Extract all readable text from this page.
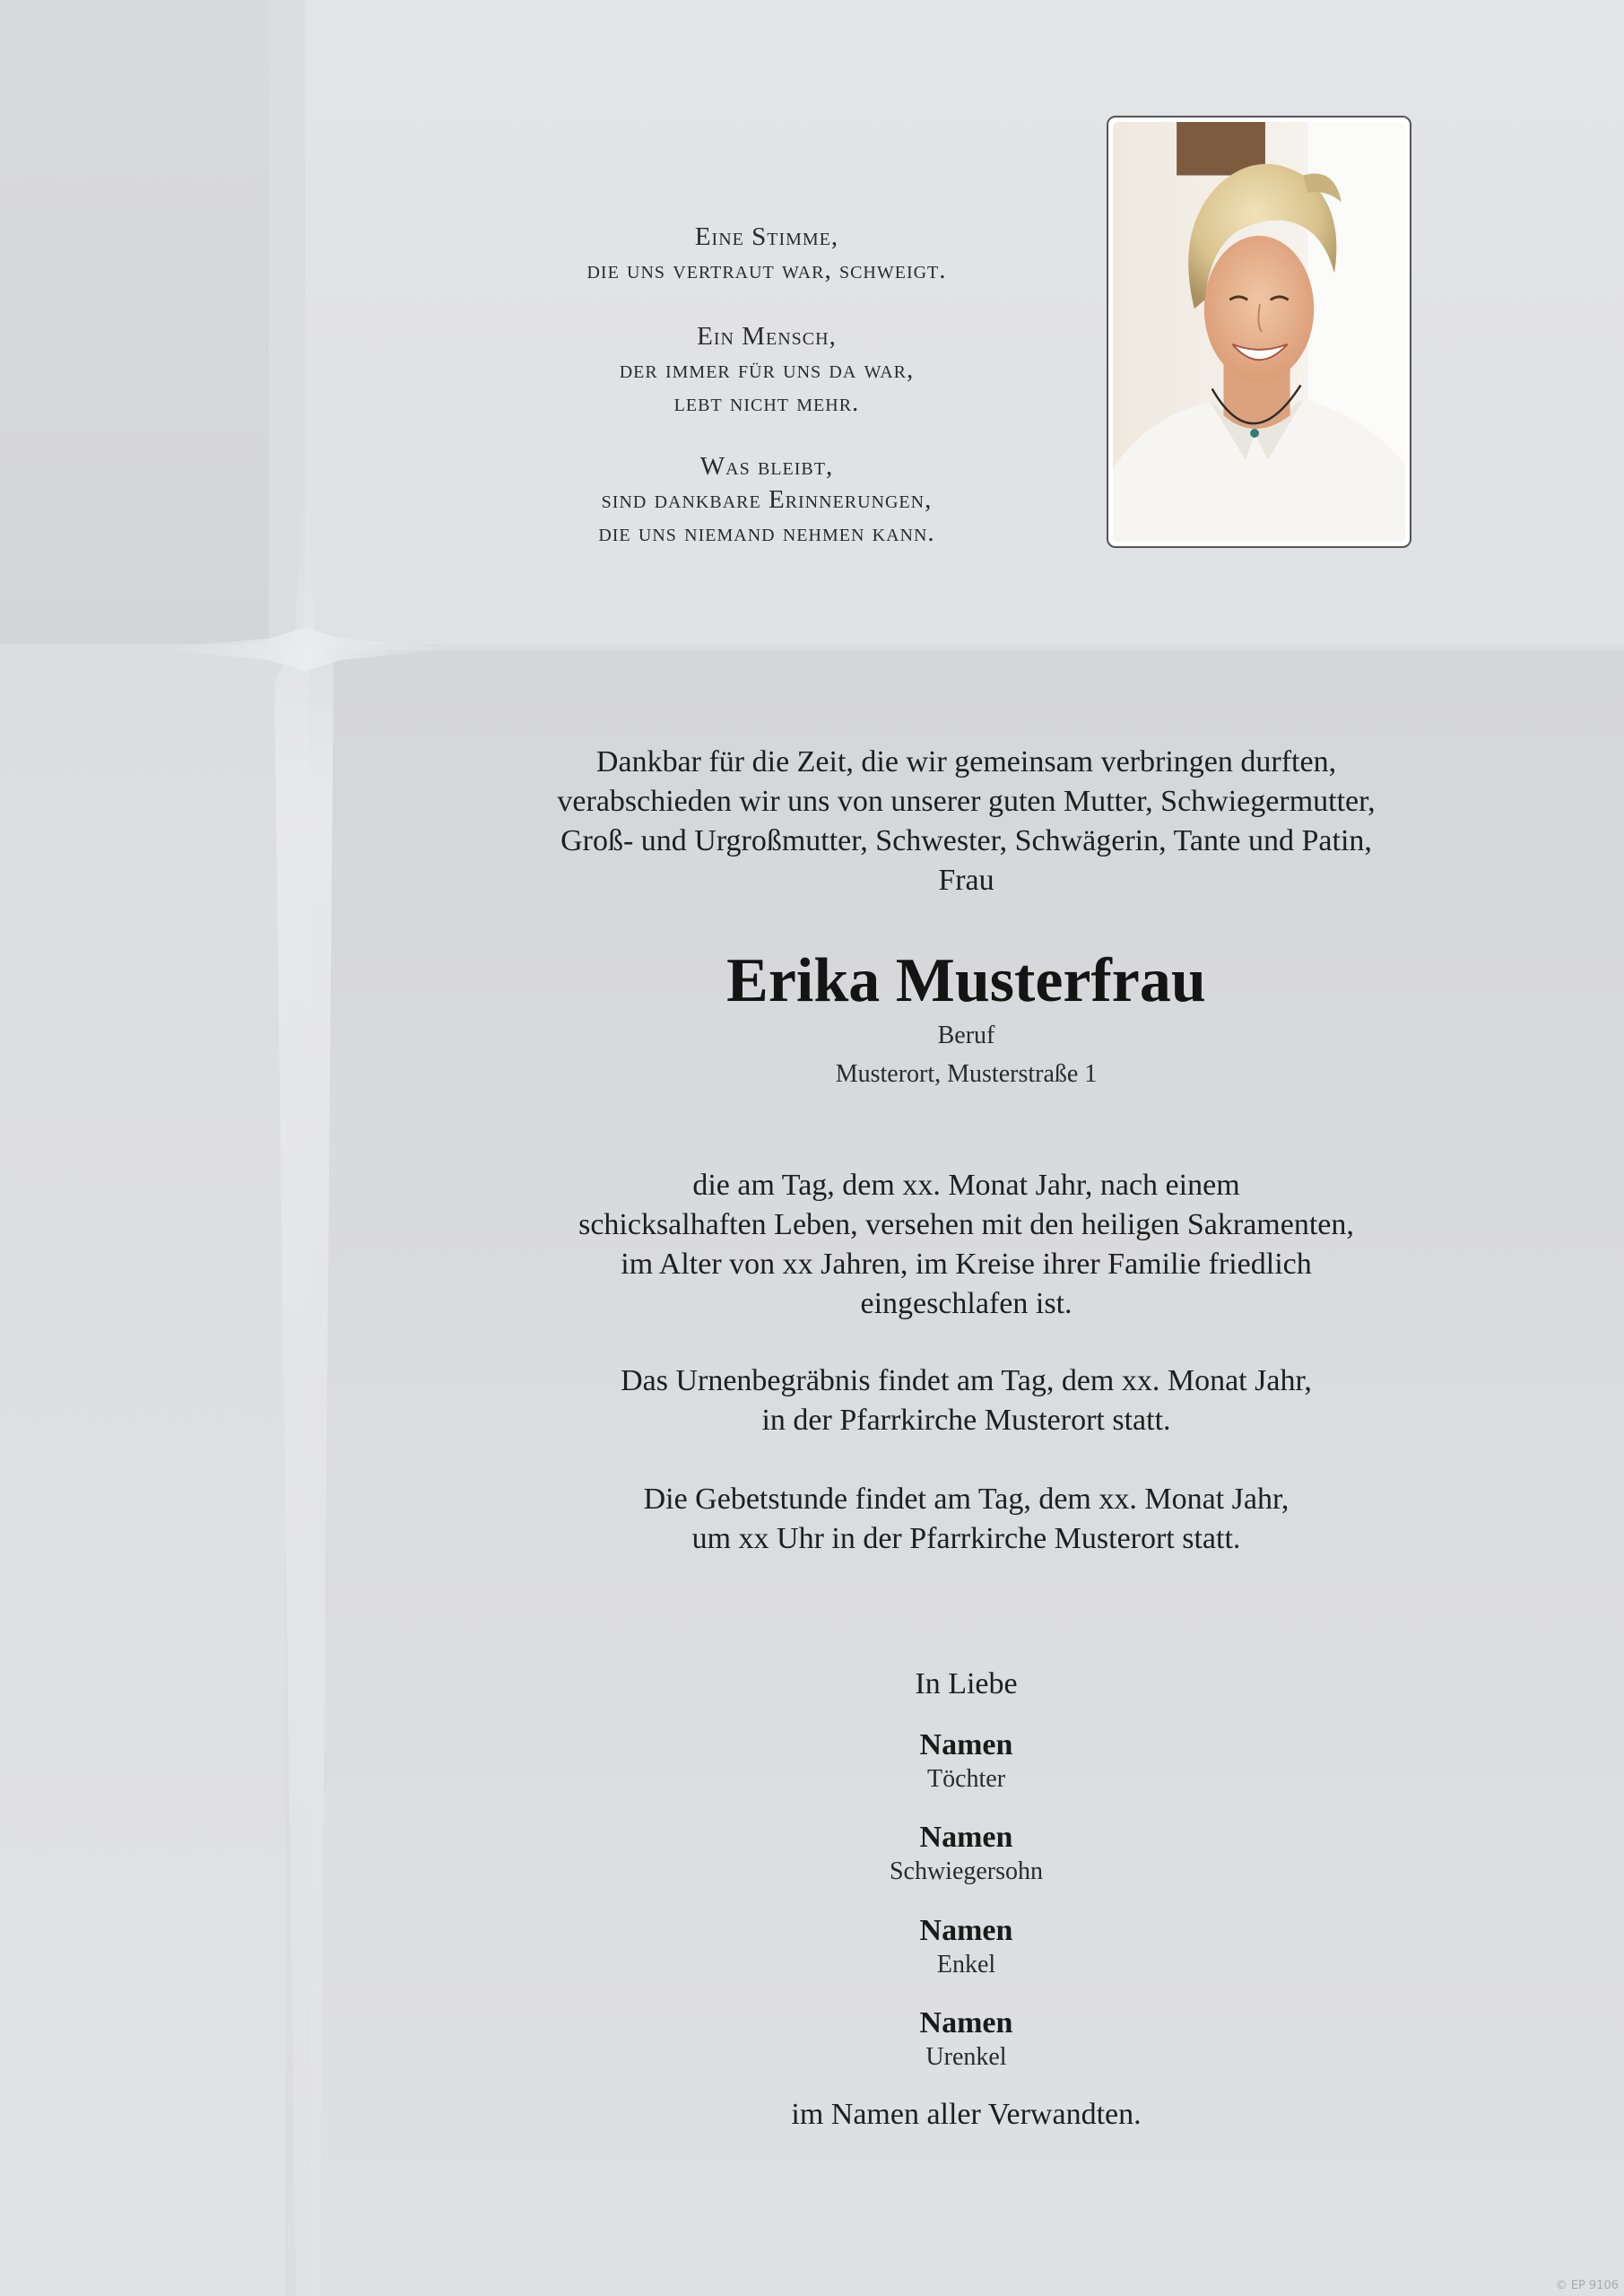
Eine Stimme,
die uns vertraut war, schweigt.
Ein Mensch,
der immer für uns da war,
lebt nicht mehr.
Was bleibt,
sind dankbare Erinnerungen,
die uns niemand nehmen kann.
Dankbar für die Zeit, die wir gemeinsam verbringen durften,
verabschieden wir uns von unserer guten Mutter, Schwiegermutter,
Groß- und Urgroßmutter, Schwester, Schwägerin, Tante und Patin,
Frau
Erika Musterfrau
Beruf
Musterort, Musterstraße 1
die am Tag, dem xx. Monat Jahr, nach einem
schicksalhaften Leben, versehen mit den heiligen Sakramenten,
im Alter von xx Jahren, im Kreise ihrer Familie friedlich
eingeschlafen ist.
Das Urnenbegräbnis findet am Tag, dem xx. Monat Jahr,
in der Pfarrkirche Musterort statt.
Die Gebetstunde findet am Tag, dem xx. Monat Jahr,
um xx Uhr in der Pfarrkirche Musterort statt.
In Liebe
Namen
Töchter
Namen
Schwiegersohn
Namen
Enkel
Namen
Urenkel
im Namen aller Verwandten.
© EP 9106
